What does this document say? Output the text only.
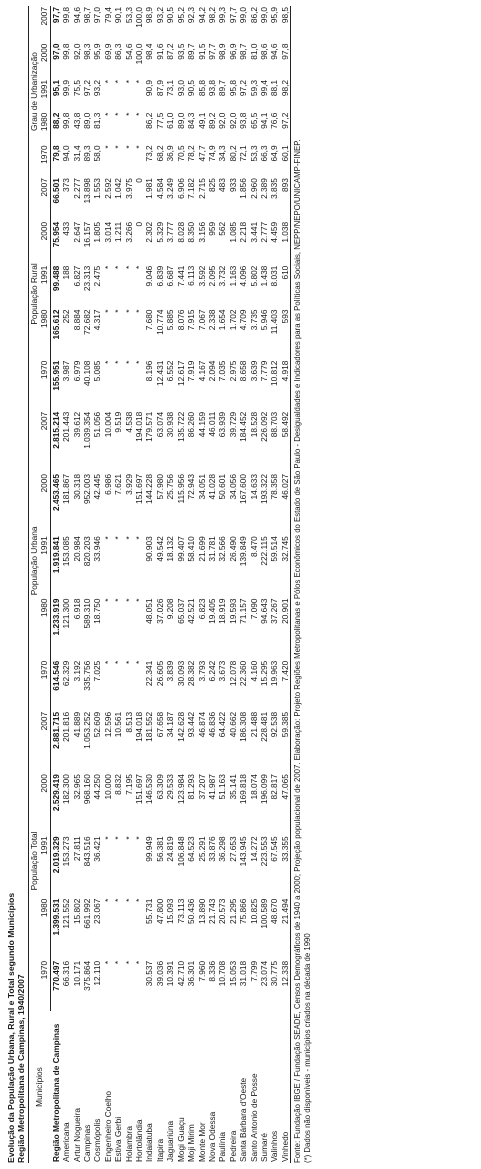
Evolução da População Urbana, Rural e Total segundo Municípios Região Metropolitana de Campinas, 1940/2007 Municípios	População Total					População Urbana					População Rural					Grau de Urbanização				
	1970	1980	1991	2000	2007	1970	1980	1991	2000	2007	1970	1980	1991	2000	2007	1970	1980	1991	2000	2007
Região Metropolitana de Campinas	770.497	1.399.531	2.019.329	2.529.419	2.881.715	614.546	1.233.919	1.919.841	2.453.465	2.815.214	155.951	165.612	99.488	75.954	66.501	79,8	88,2	95,1	97,0	97,7
Americana	66.316	121.552	153.273	182.300	201.816	62.329	121.300	153.085	181.867	201.443	3.987	252	188	433	373	94,0	99,8	99,9	99,8	99,8
Artur Nogueira	10.171	15.802	27.811	32.965	41.889	3.192	6.918	20.984	30.318	39.612	6.979	8.884	6.827	2.647	2.277	31,4	43,8	75,5	92,0	94,6
Campinas	375.864	661.992	843.516	968.160	1.053.252	335.756	589.310	820.203	952.003	1.039.354	40.108	72.682	23.313	16.157	13.898	89,3	89,0	97,2	98,3	98,7
Cosmópolis	12.110	23.067	36.421	44.250	52.609	7.025	18.750	33.946	42.445	51.056	5.085	4.317	2.475	1.805	1.553	58,0	81,3	93,2	95,9	97,0
Engenheiro Coelho	*	*	*	10.000	12.596	*	*	*	6.986	10.004	*	*	*	3.014	2.592	*	*	*	69,9	79,4
Estiva Gerbi	*	*	*	8.832	10.561	*	*	*	7.621	9.519	*	*	*	1.211	1.042	*	*	*	86,3	90,1
Holambra	*	*	*	7.195	8.513	*	*	*	3.929	4.538	*	*	*	3.266	3.975	*	*	*	54,6	53,3
Hortolândia	*	*	*	151.697	194.018	*	*	*	151.697	194.018	*	*	*	0	0	*	*	*	100,0	100,0
Indaiatuba	30.537	55.731	99.949	146.530	181.552	22.341	48.051	90.903	144.228	179.571	8.196	7.680	9.046	2.302	1.981	73,2	86,2	90,9	98,4	98,9
Itapira	39.036	47.800	56.381	63.309	67.658	26.605	37.026	49.542	57.980	63.074	12.431	10.774	6.839	5.329	4.584	68,2	77,5	87,9	91,6	93,2
Jaguariúna	10.391	15.093	24.819	29.533	34.187	3.839	9.208	18.132	25.756	30.938	6.552	5.885	6.687	3.777	3.249	36,9	61,0	73,1	87,2	90,5
Mogi Guaçu	42.710	73.113	106.848	123.984	142.628	30.093	65.037	99.407	115.956	135.722	12.617	8.076	7.441	8.028	6.906	70,5	89,0	93,0	93,5	95,2
Moji Mirim	36.301	50.436	64.523	81.293	93.442	28.382	42.521	58.410	72.943	86.260	7.919	7.915	6.113	8.350	7.182	78,2	84,3	90,5	89,7	92,3
Monte Mor	7.960	13.890	25.291	37.207	46.874	3.793	6.823	21.699	34.051	44.159	4.167	7.067	3.592	3.156	2.715	47,7	49,1	85,8	91,5	94,2
Nova Odessa	8.336	21.743	33.876	41.987	46.836	6.242	19.405	31.781	41.028	46.011	2.094	2.338	2.095	959	825	74,9	89,2	93,8	97,7	98,2
Paulínia	10.708	20.573	36.298	51.163	64.422	3.673	18.919	32.566	50.601	63.939	7.035	1.654	3.732	562	483	34,3	92,0	89,7	98,9	99,3
Pedreira	15.053	21.295	27.653	35.141	40.662	12.078	19.593	26.490	34.056	39.729	2.975	1.702	1.163	1.085	933	80,2	92,0	95,8	96,9	97,7
Santa Bárbara d'Oeste	31.018	75.866	143.945	169.818	186.308	22.360	71.157	139.849	167.600	184.452	8.658	4.709	4.096	2.218	1.856	72,1	93,8	97,2	98,7	99,0
Santo Antonio de Posse	7.799	10.825	14.272	18.074	21.488	4.160	7.090	8.470	14.633	18.528	3.639	3.735	5.802	3.441	2.960	53,3	65,5	59,3	81,0	86,2
Sumaré	23.074	100.589	223.553	196.099	228.481	15.295	94.643	222.115	193.322	226.092	7.779	5.946	1.438	2.777	2.389	66,3	94,1	99,4	98,6	99,0
Valinhos	30.775	48.670	67.545	82.817	92.538	19.963	37.267	59.514	78.358	88.703	10.812	11.403	8.031	4.459	3.835	64,9	76,6	88,1	94,6	95,9
Vinhedo	12.338	21.494	33.355	47.065	59.385	7.420	20.901	32.745	46.027	58.492	4.918	593	610	1.038	893	60,1	97,2	98,2	97,8	98,5
Fonte: Fundação IBGE / Fundação SEADE, Censos Demográficos de 1940 a 2000; Projeção populacional de 2007. Elaboração: Projeto Regiões Metropolitanas e Pólos Econômicos do Estado de São Paulo - Desigualdades e Indicadores para as Políticas Sociais, NEPP/NEPO/UNICAMP-FINEP. (*) Dados não disponíveis - municípios criados na década de 1990
